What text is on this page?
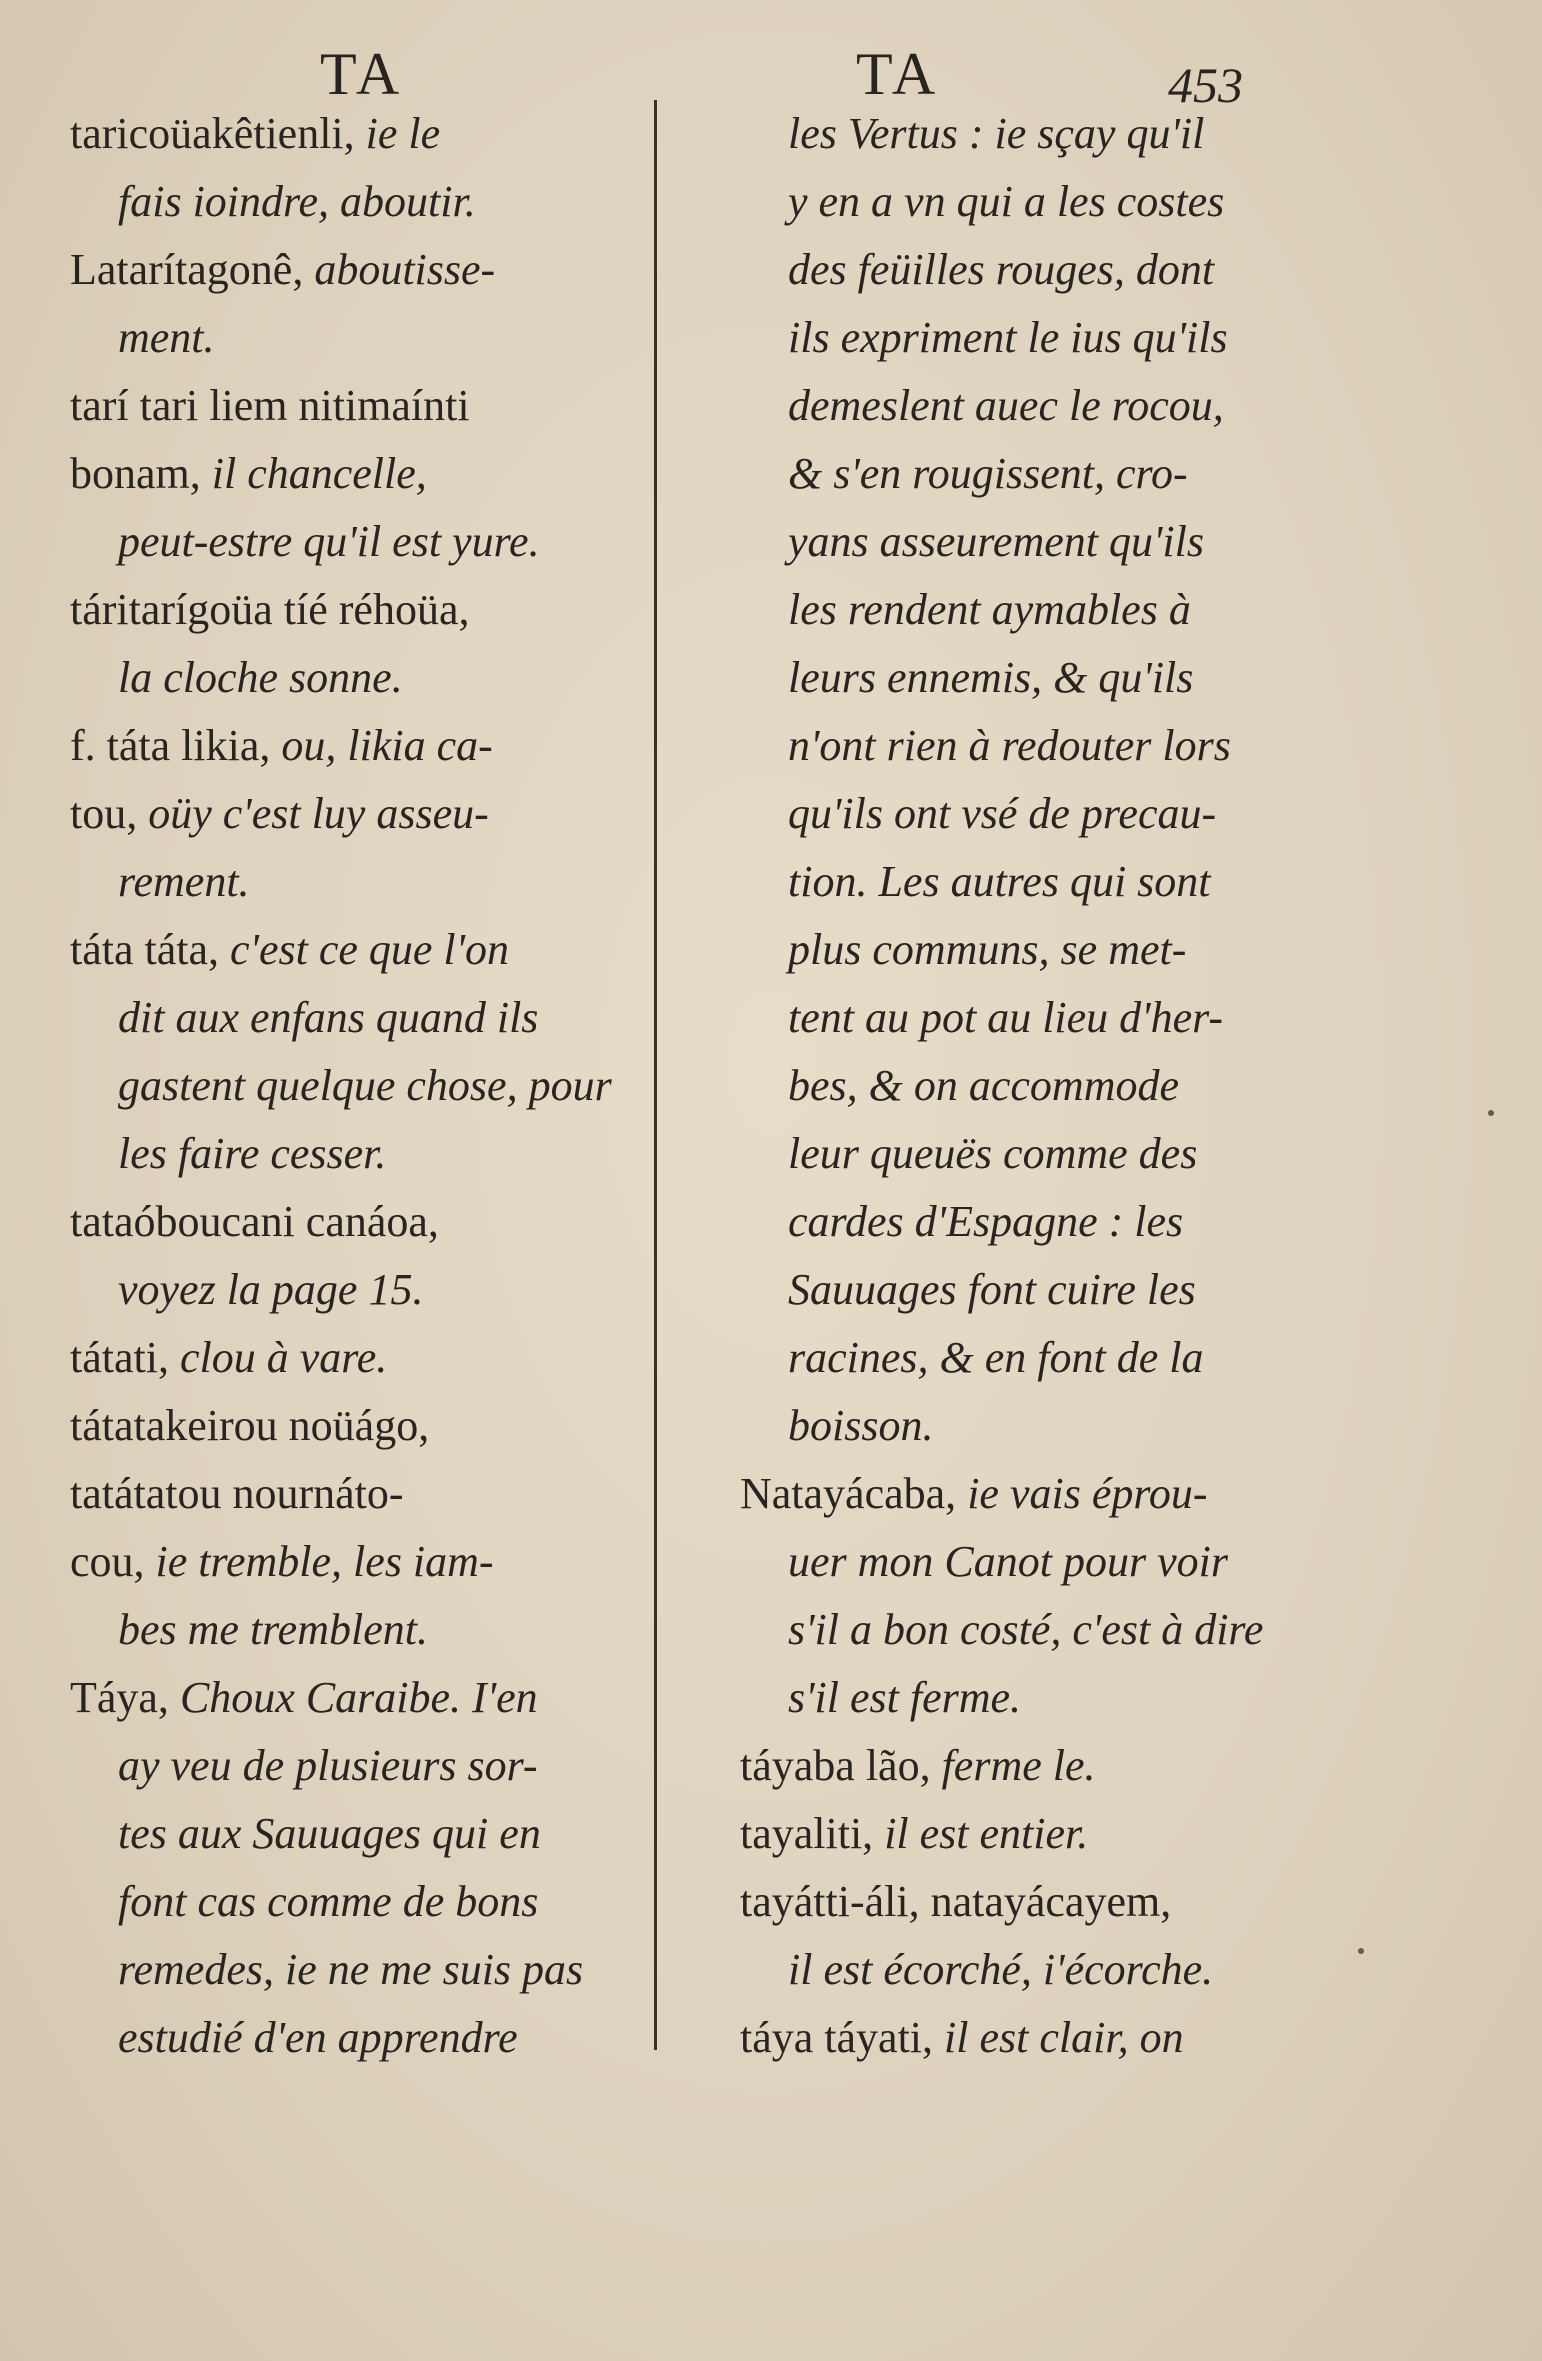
TA	TA	453
taricoüakêtienli, ie le
fais ioindre, aboutir.
Latarítagonê, aboutisse-
ment.
tarí tari liem nitimaínti
bonam, il chancelle,
peut-estre qu'il est yure.
táritarígoüa tíé réhoüa,
la cloche sonne.
f. táta likia, ou, likia ca-
tou, oüy c'est luy asseu-
rement.
táta táta, c'est ce que l'on
dit aux enfans quand ils
gastent quelque chose, pour
les faire cesser.
tataóboucani canáoa,
voyez la page 15.
tátati, clou à vare.
tátatakeirou noüágo,
tatátatou nournáto-
cou, ie tremble, les iam-
bes me tremblent.
Táya, Choux Caraibe. I'en
ay veu de plusieurs sor-
tes aux Sauuages qui en
font cas comme de bons
remedes, ie ne me suis pas
estudié d'en apprendre
les Vertus : ie sçay qu'il
y en a vn qui a les costes
des feüilles rouges, dont
ils expriment le ius qu'ils
demeslent auec le rocou,
& s'en rougissent, cro-
yans asseurement qu'ils
les rendent aymables à
leurs ennemis, & qu'ils
n'ont rien à redouter lors
qu'ils ont vsé de precau-
tion. Les autres qui sont
plus communs, se met-
tent au pot au lieu d'her-
bes, & on accommode
leur queuës comme des
cardes d'Espagne : les
Sauuages font cuire les
racines, & en font de la
boisson.
Natayácaba, ie vais éprou-
uer mon Canot pour voir
s'il a bon costé, c'est à dire
s'il est ferme.
táyaba lão, ferme le.
tayaliti, il est entier.
tayátti-áli, natayácayem,
il est écorché, i'écorche.
táya táyati, il est clair, on
